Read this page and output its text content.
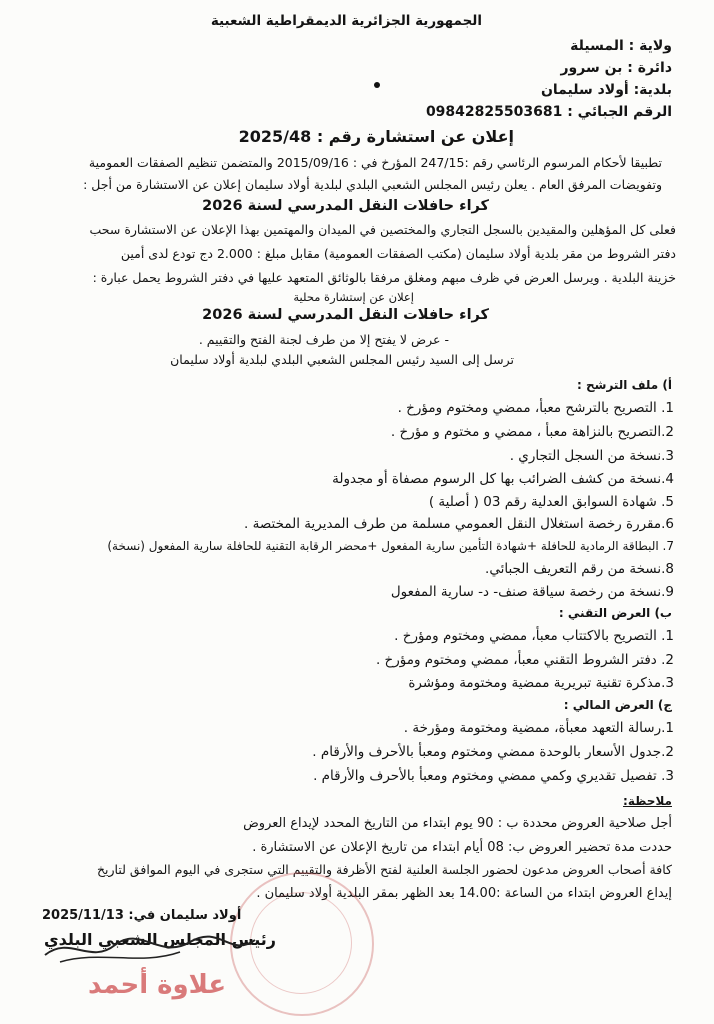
الجمهورية الجزائرية الديمقراطية الشعبية
ولاية : المسيلة
دائرة : بن سرور
بلدية: أولاد سليمان
الرقم الجبائي : 09842825503681
إعلان عن استشارة رقم : 2025/48
تطبيقا لأحكام المرسوم الرئاسي رقم :247/15 المؤرخ في : 2015/09/16 والمتضمن تنظيم الصفقات العمومية
وتفويضات المرفق العام . يعلن رئيس المجلس الشعبي البلدي لبلدية أولاد سليمان إعلان عن الاستشارة من أجل :
كراء حافلات النقل المدرسي لسنة 2026
فعلى كل المؤهلين والمقيدين بالسجل التجاري والمختصين في الميدان والمهتمين بهذا الإعلان عن الاستشارة سحب
دفتر الشروط من مقر بلدية أولاد سليمان (مكتب الصفقات العمومية) مقابل مبلغ : 2.000 دج تودع لدى أمين
خزينة البلدية . ويرسل العرض في ظرف مبهم ومغلق مرفقا بالوثائق المتعهد عليها في دفتر الشروط يحمل عبارة :
إعلان عن إستشارة محلية
كراء حافلات النقل المدرسي لسنة 2026
- عرض لا يفتح إلا من طرف لجنة الفتح والتقييم .
ترسل إلى السيد رئيس المجلس الشعبي البلدي لبلدية أولاد سليمان
أ) ملف الترشح :
1. التصريح بالترشح معبأ، ممضي ومختوم ومؤرخ .
2.التصريح بالنزاهة معبأ ، ممضي و مختوم و مؤرخ .
3.نسخة من السجل التجاري .
4.نسخة من كشف الضرائب بها كل الرسوم مصفاة أو مجدولة
5. شهادة السوابق العدلية رقم 03 ( أصلية )
6.مقررة رخصة استغلال النقل العمومي مسلمة من طرف المديرية المختصة .
7. البطاقة الرمادية للحافلة +شهادة التأمين سارية المفعول +محضر الرقابة التقنية للحافلة سارية المفعول (نسخة)
8.نسخة من رقم التعريف الجبائي.
9.نسخة من رخصة سياقة صنف- د- سارية المفعول
ب) العرض التقني :
1. التصريح بالاكتتاب معبأ، ممضي ومختوم ومؤرخ .
2. دفتر الشروط التقني معبأ، ممضي ومختوم ومؤرخ .
3.مذكرة تقنية تبريرية ممضية ومختومة ومؤشرة
ج) العرض المالي :
1.رسالة التعهد معبأة، ممضية ومختومة ومؤرخة .
2.جدول الأسعار بالوحدة ممضي ومختوم ومعبأ بالأحرف والأرقام .
3. تفصيل تقديري وكمي ممضي ومختوم ومعبأ بالأحرف والأرقام .
ملاحظة:
أجل صلاحية العروض محددة ب : 90 يوم ابتداء من التاريخ المحدد لإيداع العروض
حددت مدة تحضير العروض ب: 08 أيام ابتداء من تاريخ الإعلان عن الاستشارة .
كافة أصحاب العروض مدعون لحضور الجلسة العلنية لفتح الأظرفة والتقييم التي ستجرى في اليوم الموافق لتاريخ
إيداع العروض ابتداء من الساعة :14.00 بعد الظهر بمقر البلدية أولاد سليمان .
أولاد سليمان في: 2025/11/13
رئيس المجلس الشعبي البلدي
علاوة أحمد
